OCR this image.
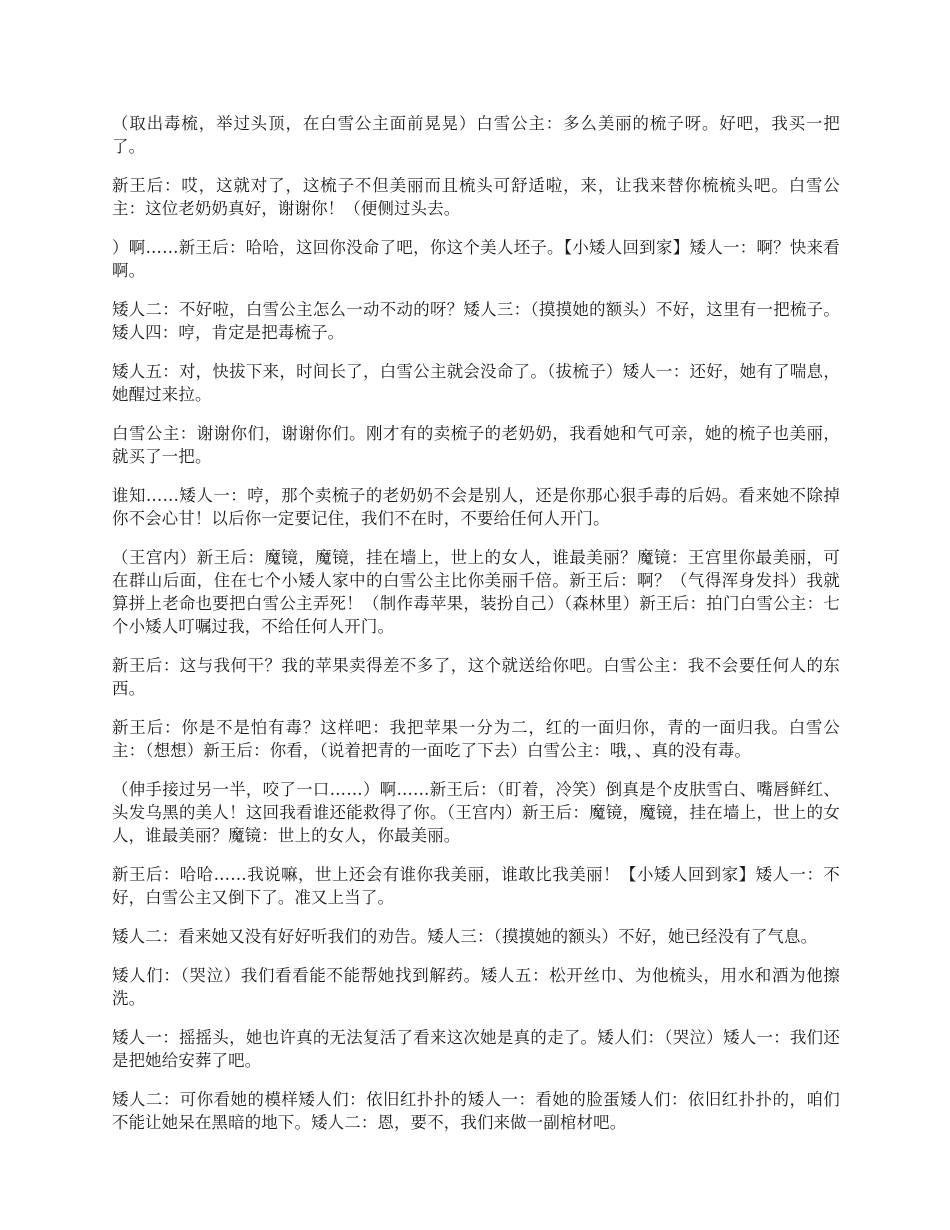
（取出毒梳，举过头顶，在白雪公主面前晃晃）白雪公主：多么美丽的梳子呀。好吧，我买一把了。

新王后：哎，这就对了，这梳子不但美丽而且梳头可舒适啦，来，让我来替你梳梳头吧。白雪公主：这位老奶奶真好，谢谢你！（便侧过头去。

）啊……新王后：哈哈，这回你没命了吧，你这个美人坯子。【小矮人回到家】矮人一：啊？快来看啊。

矮人二：不好啦，白雪公主怎么一动不动的呀？矮人三：（摸摸她的额头）不好，这里有一把梳子。矮人四：哼，肯定是把毒梳子。

矮人五：对，快拔下来，时间长了，白雪公主就会没命了。（拔梳子）矮人一：还好，她有了喘息，她醒过来拉。

白雪公主：谢谢你们，谢谢你们。刚才有的卖梳子的老奶奶，我看她和气可亲，她的梳子也美丽，就买了一把。

谁知……矮人一：哼，那个卖梳子的老奶奶不会是别人，还是你那心狠手毒的后妈。看来她不除掉你不会心甘！以后你一定要记住，我们不在时，不要给任何人开门。

（王宫内）新王后：魔镜，魔镜，挂在墙上，世上的女人，谁最美丽？魔镜：王宫里你最美丽，可在群山后面，住在七个小矮人家中的白雪公主比你美丽千倍。新王后：啊？（气得浑身发抖）我就算拼上老命也要把白雪公主弄死！（制作毒苹果，装扮自己）（森林里）新王后：拍门白雪公主：七个小矮人叮嘱过我，不给任何人开门。

新王后：这与我何干？我的苹果卖得差不多了，这个就送给你吧。白雪公主：我不会要任何人的东西。

新王后：你是不是怕有毒？这样吧：我把苹果一分为二，红的一面归你，青的一面归我。白雪公主：（想想）新王后：你看，（说着把青的一面吃了下去）白雪公主：哦，、真的没有毒。

（伸手接过另一半，咬了一口……）啊……新王后：（盯着，冷笑）倒真是个皮肤雪白、嘴唇鲜红、头发乌黑的美人！这回我看谁还能救得了你。（王宫内）新王后：魔镜，魔镜，挂在墙上，世上的女人，谁最美丽？魔镜：世上的女人，你最美丽。

新王后：哈哈……我说嘛，世上还会有谁你我美丽，谁敢比我美丽！【小矮人回到家】矮人一：不好，白雪公主又倒下了。准又上当了。

矮人二：看来她又没有好好听我们的劝告。矮人三：（摸摸她的额头）不好，她已经没有了气息。

矮人们：（哭泣）我们看看能不能帮她找到解药。矮人五：松开丝巾、为他梳头，用水和酒为他擦洗。

矮人一：摇摇头，她也许真的无法复活了看来这次她是真的走了。矮人们：（哭泣）矮人一：我们还是把她给安葬了吧。

矮人二：可你看她的模样矮人们：依旧红扑扑的矮人一：看她的脸蛋矮人们：依旧红扑扑的，咱们不能让她呆在黑暗的地下。矮人二：恩，要不，我们来做一副棺材吧。
